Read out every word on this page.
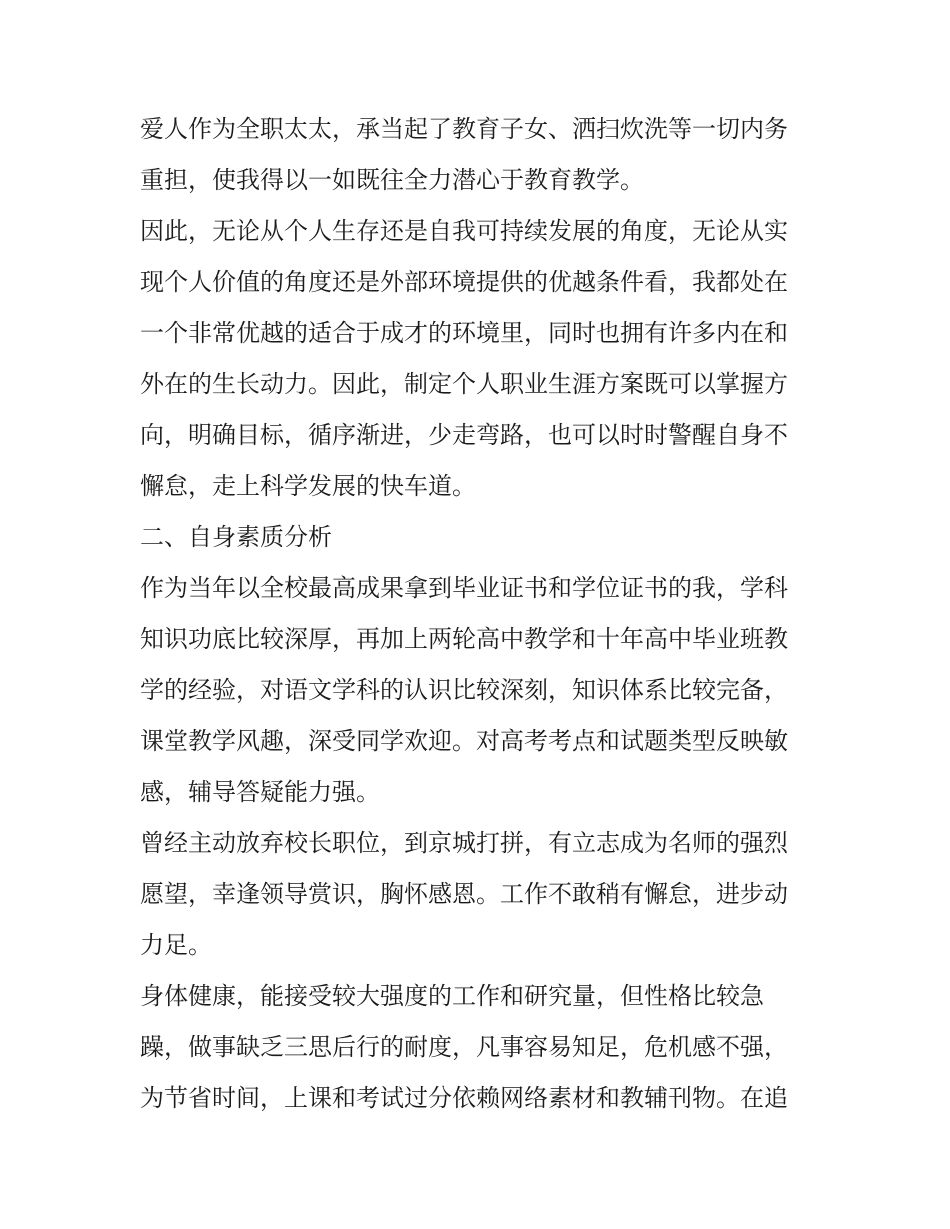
爱人作为全职太太，承当起了教育子女、洒扫炊洗等一切内务
重担，使我得以一如既往全力潜心于教育教学。

因此，无论从个人生存还是自我可持续发展的角度，无论从实
现个人价值的角度还是外部环境提供的优越条件看，我都处在
一个非常优越的适合于成才的环境里，同时也拥有许多内在和
外在的生长动力。因此，制定个人职业生涯方案既可以掌握方
向，明确目标，循序渐进，少走弯路，也可以时时警醒自身不
懈怠，走上科学发展的快车道。

二、自身素质分析

作为当年以全校最高成果拿到毕业证书和学位证书的我，学科
知识功底比较深厚，再加上两轮高中教学和十年高中毕业班教
学的经验，对语文学科的认识比较深刻，知识体系比较完备，
课堂教学风趣，深受同学欢迎。对高考考点和试题类型反映敏
感，辅导答疑能力强。

曾经主动放弃校长职位，到京城打拼，有立志成为名师的强烈
愿望，幸逢领导赏识，胸怀感恩。工作不敢稍有懈怠，进步动
力足。

身体健康，能接受较大强度的工作和研究量，但性格比较急
躁，做事缺乏三思后行的耐度，凡事容易知足，危机感不强，
为节省时间，上课和考试过分依赖网络素材和教辅刊物。在追
